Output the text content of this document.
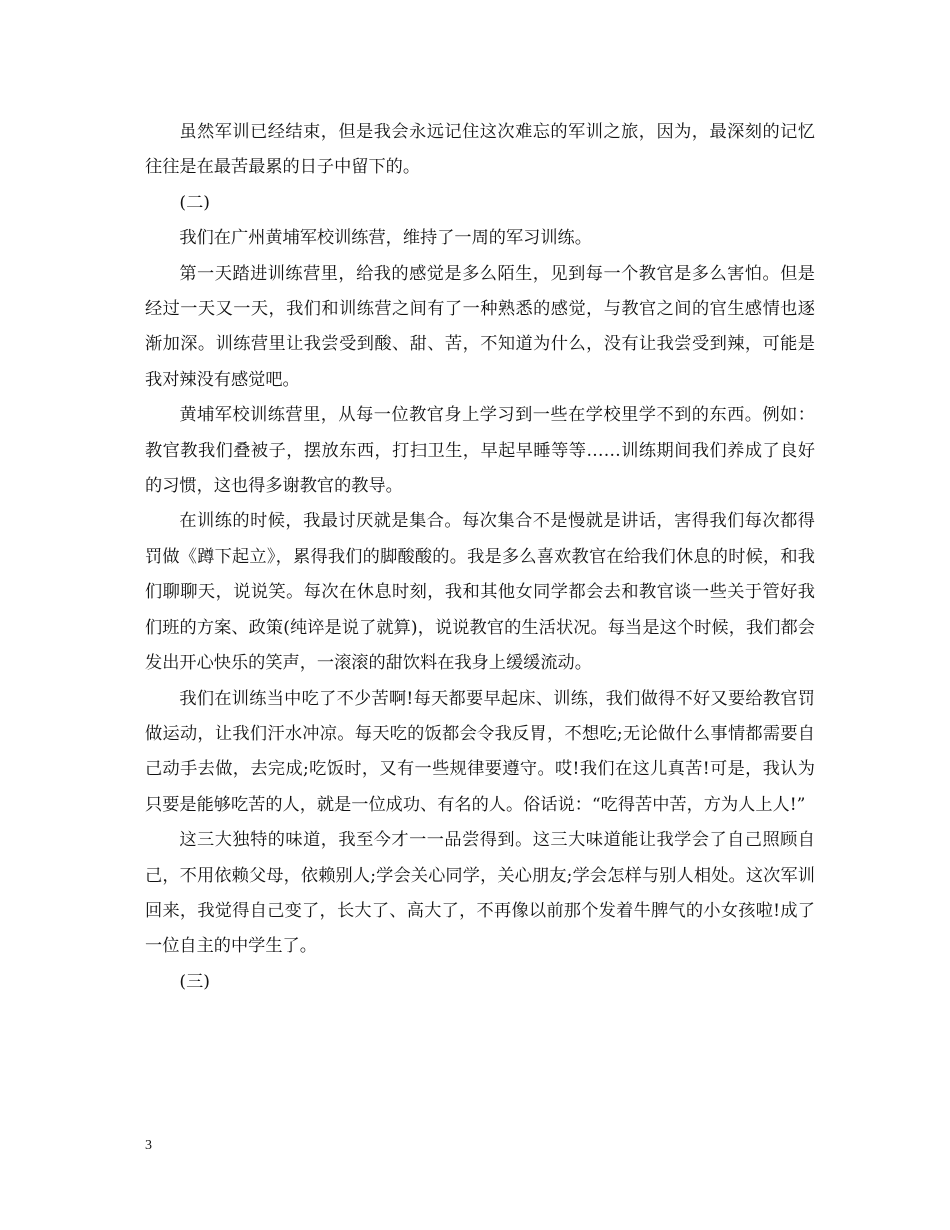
虽然军训已经结束，但是我会永远记住这次难忘的军训之旅，因为，最深刻的记忆往往是在最苦最累的日子中留下的。

(二)

我们在广州黄埔军校训练营，维持了一周的军习训练。

第一天踏进训练营里，给我的感觉是多么陌生，见到每一个教官是多么害怕。但是经过一天又一天，我们和训练营之间有了一种熟悉的感觉，与教官之间的官生感情也逐渐加深。训练营里让我尝受到酸、甜、苦，不知道为什么，没有让我尝受到辣，可能是我对辣没有感觉吧。

黄埔军校训练营里，从每一位教官身上学习到一些在学校里学不到的东西。例如：教官教我们叠被子，摆放东西，打扫卫生，早起早睡等等……训练期间我们养成了良好的习惯，这也得多谢教官的教导。

在训练的时候，我最讨厌就是集合。每次集合不是慢就是讲话，害得我们每次都得罚做《蹲下起立》，累得我们的脚酸酸的。我是多么喜欢教官在给我们休息的时候，和我们聊聊天，说说笑。每次在休息时刻，我和其他女同学都会去和教官谈一些关于管好我们班的方案、政策(纯谇是说了就算)，说说教官的生活状况。每当是这个时候，我们都会发出开心快乐的笑声，一滚滚的甜饮料在我身上缓缓流动。

我们在训练当中吃了不少苦啊!每天都要早起床、训练，我们做得不好又要给教官罚做运动，让我们汗水冲凉。每天吃的饭都会令我反胃，不想吃;无论做什么事情都需要自己动手去做，去完成;吃饭时，又有一些规律要遵守。哎!我们在这儿真苦!可是，我认为只要是能够吃苦的人，就是一位成功、有名的人。俗话说：“吃得苦中苦，方为人上人!”

这三大独特的味道，我至今才一一品尝得到。这三大味道能让我学会了自己照顾自己，不用依赖父母，依赖别人;学会关心同学，关心朋友;学会怎样与别人相处。这次军训回来，我觉得自己变了，长大了、高大了，不再像以前那个发着牛脾气的小女孩啦!成了一位自主的中学生了。

(三)

3
